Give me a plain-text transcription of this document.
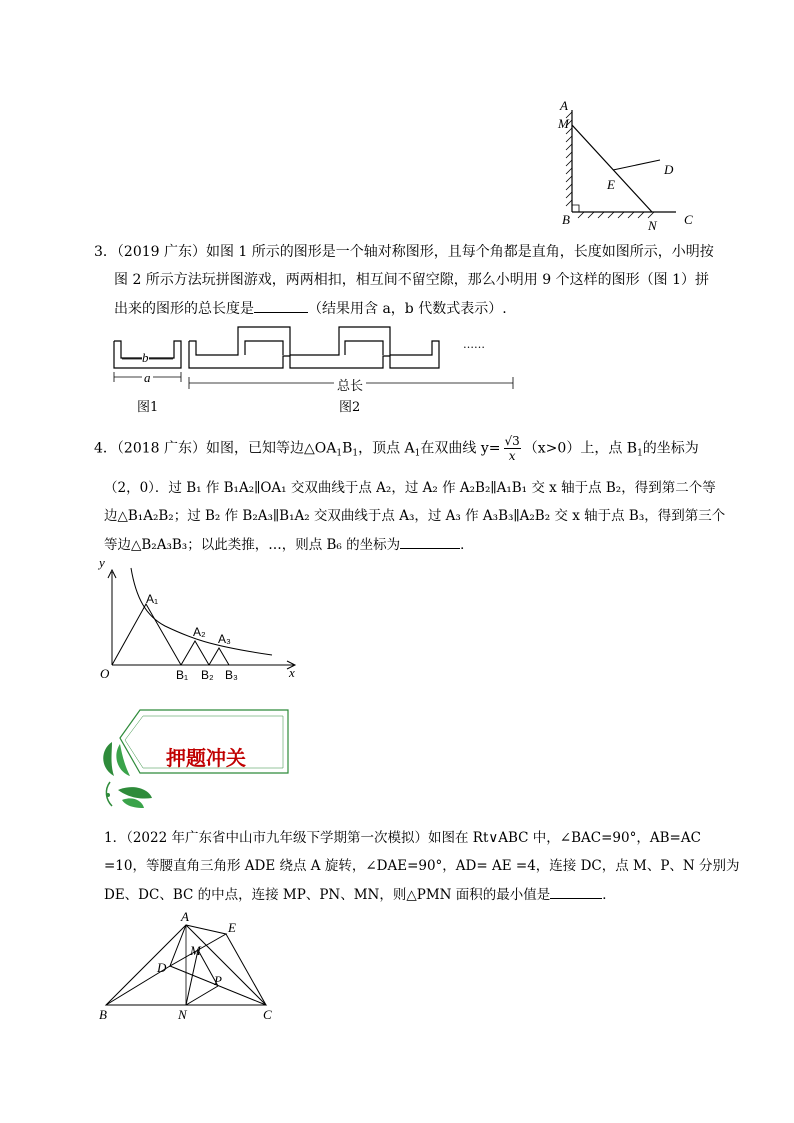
A
M
D
E
B	N C
3．（2019 广东）如图 1 所示的图形是一个轴对称图形，且每个角都是直角，长度如图所示，小明按
图 2 所示方法玩拼图游戏，两两相扣，相互间不留空隙，那么小明用 9 个这样的图形（图 1）拼
出来的图形的总长度是	（结果用含 a，b 代数式表示）.
b
a
……
总长
图1	图2
4．（2018 广东）如图，已知等边$\triangle OA_1B_1$，顶点 $A_1$在双曲线 $y= \frac{√3}{x} (x>0)$上，点 $B_1$的坐标为
（2，0）．过 B₁ 作 B₁A₂∥OA₁ 交双曲线于点 A₂，过 A₂ 作 A₂B₂∥A₁B₁ 交 x 轴于点 B₂，得到第二个等
边△B₁A₂B₂；过 B₂ 作 B₂A₃∥B₁A₂ 交双曲线于点 A₃，过 A₃ 作 A₃B₃∥A₂B₂ 交 x 轴于点 B₃，得到第三个
等边△B₂A₃B₃；以此类推，…，则点 B₆ 的坐标为	．
y
x
O
A₁
A₂ A₃
B₁ B₂ B₃
押题冲关
1．（2022 年广东省中山市九年级下学期第一次模拟）如图在 Rt∨ABC 中，∠BAC=90°，AB=AC
=10，等腰直角三角形 ADE 绕点 A 旋转，∠DAE=90°，AD= AE =4，连接 DC，点 M、P、N 分别为
DE、DC、BC 的中点，连接 MP、PN、MN，则△PMN 面积的最小值是	．
A
E
M
D
P
B	N	C
